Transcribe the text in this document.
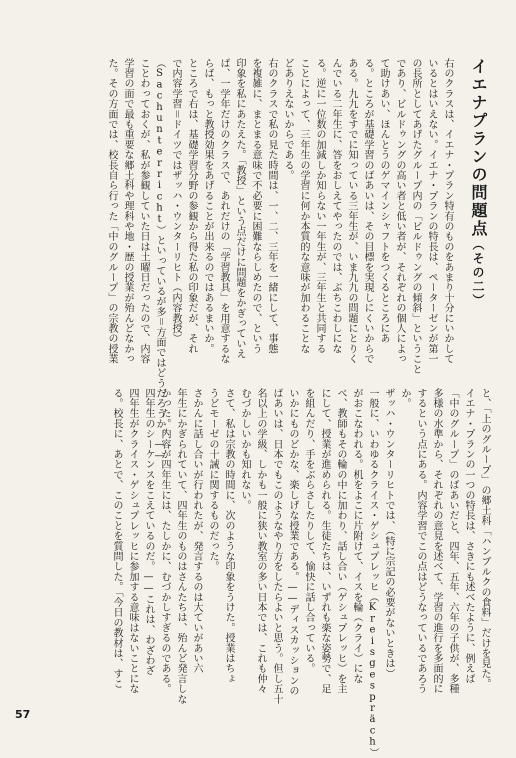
イエナプランの問題点（その二）
右のクラスは、イエナ・プラン特有のものをあまり十分にいかして
いるとはいえない。イエナ・プランの特長は、ペーターゼンが第一
の長所としてあげたグループ内の「ビルドゥングの傾斜」ということ
であり、ビルドゥングの高い者と低い者が、それぞれの個人によっ
て助けあい、ほんとうのゲマインシャフトをつくるところにあ
る。ところが基礎学習のばあいは、その目標を実現しにくいからで
ある。九九をすでに知っている三年生が、いま九九の問題にとりく
んでいる二年生に、答をおしえてやったのでは、ぶちこわしにな
る。逆に一位数の加減しか知らない一年生が、三年生と共同する
ことによって、三年生の学習に何か本質的な意味が加わることな
どありえないからである。
右のクラスで私の見た時間は、一、二、三年を一緒にして、事態
を複雑に、まとまる意味で不必要に困難ならしめたので、という
印象を私にあたえた。「教授」という点だけに問題をかぎっていえ
ば、一学年だけのクラスで、あれだけの「学習教具」を用意するな
らば、もっと教授効果をあげることが出来るのではあるまいか。
ところで右は、基礎学習分野の参観から得た私の印象だが、それ
で内容学習＝ドイツではザッハ・ウンターリヒト（内容教授）
（Sachunterricht）といっているが多＝方面ではどうだろうか。——
ことわっておくが、私が参観していた日は土曜日だったので、内容
学習の面で最も重要な郷土科や理科や地・歴の授業が殆んどなかっ
た。その方面では、校長自ら行った「中のグループ」の宗教の授業
と、「上のグループ」の郷土科「ハンブルクの食料」だけを見た。
イエナ・プランの一つの特長は、さきにも述べたように、例えば
「中のグループ」のばあいだと、四年、五年、六年の子供が、多種
多様の水準から、それぞれの意見を述べて、学習の進行を多面的に
するという点にある。内容学習でこの点はどうなっているであろう
か。
ザッハ・ウンターリヒトでは、（特に宗記の必要がないときは）
一般に、いわゆるクライス・ゲシュプレッヒ（Kreisgespräch）
がおこなわれる。机をよこに片附けて、イスを輪（クライ）にな
べ、教師もその輪の中に加わり、話し合い（ゲシュプレッヒ）を主
にして、授業が進められる。生徒たちは、いずれも楽な姿勢で、足
を組んだり、手をぶらさしたりして、愉快に話し合っている。
いかにものどかな、楽しげな授業である。——ディスカッションの
ばあいは、日本でもこのようなやり方をしたらよいと思う。但し五十
名以上の学級、しかも一般に狭い教室の多い日本では、これも仲々
むづかしいかも知れない。
さて、私は宗教の時間に、次のような印象をうけた。授業はちょ
うどモーゼの十誡に関するものだった。
さかんに話し合いが行われたが、発言するのは大ていがあい六
年生にかぎられていて、四年生のものはさんたちは、殆んど発言しな
かった。内容が四年生には、たしかに、むづかしすぎるのである。
四年生のシーケンスをこえているのだ。——これは、わざわざ
四年生がクライス・ゲシュプレッヒに参加する意味はないことにな
る。校長に、あとで、このことを質問した。「今日の教材は、すこ
57
